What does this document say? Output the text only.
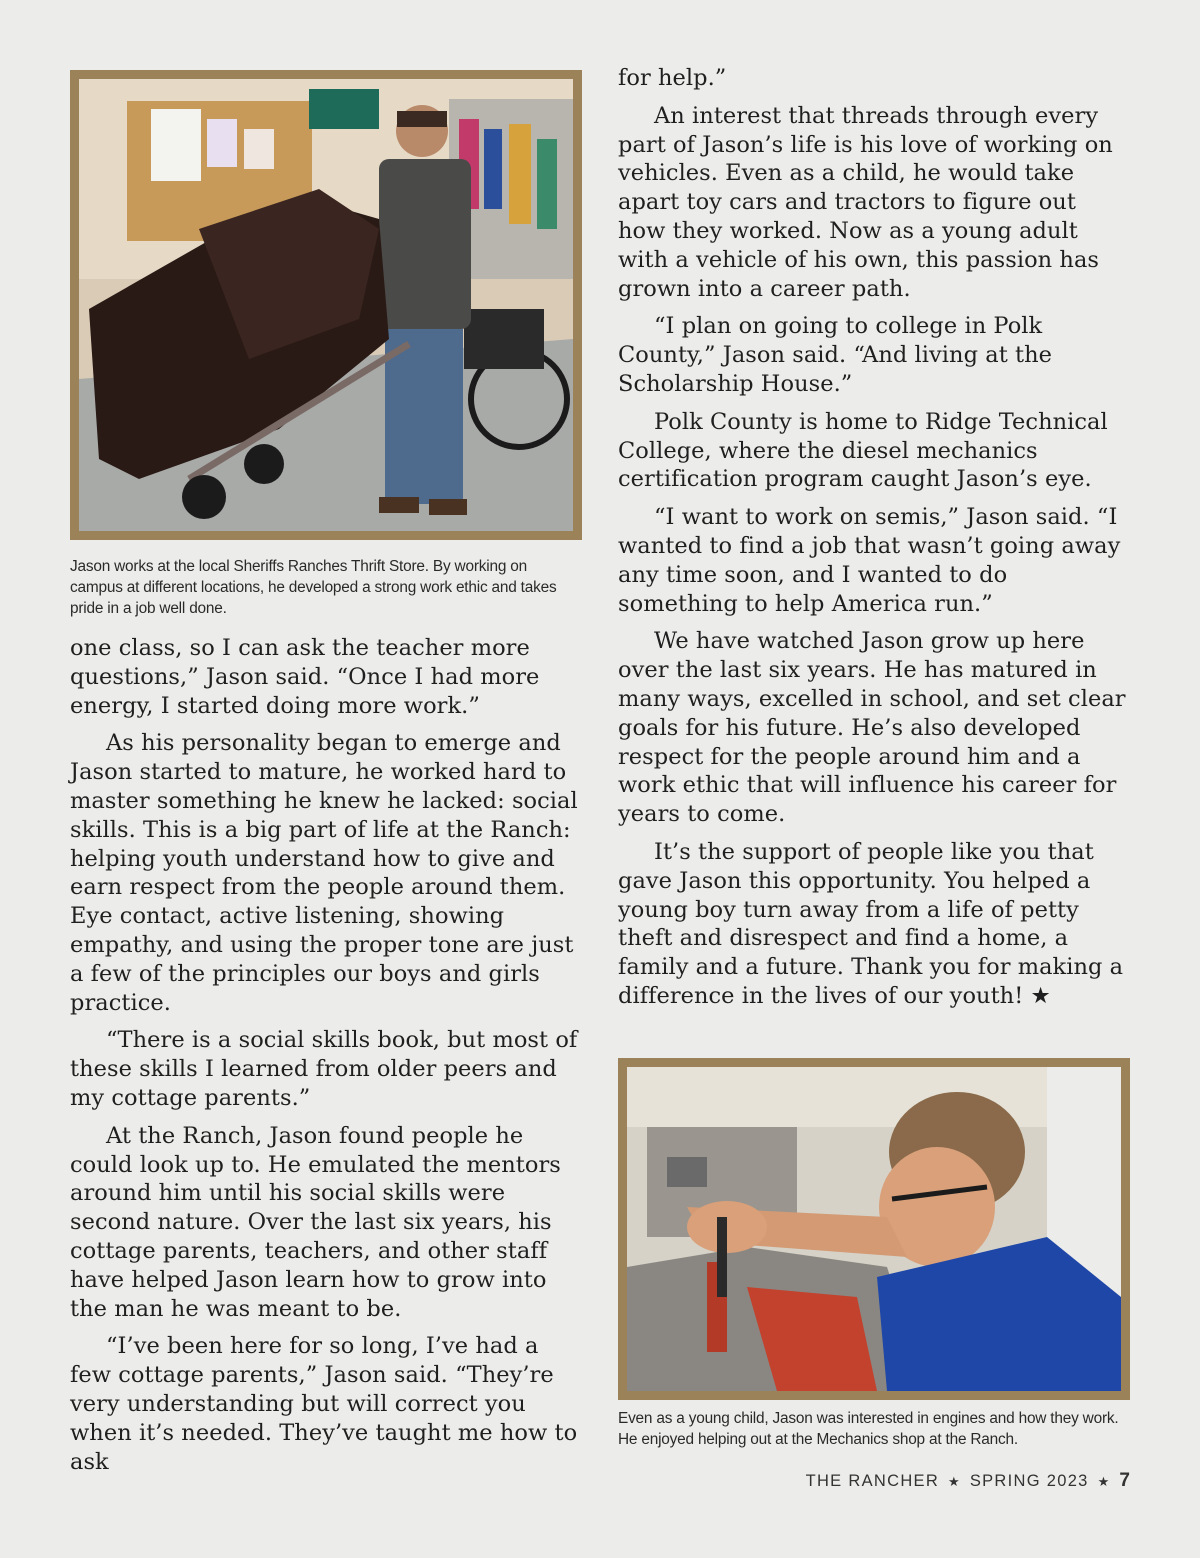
Jason works at the local Sheriffs Ranches Thrift Store. By working on campus at different locations, he developed a strong work ethic and takes pride in a job well done.

one class, so I can ask the teacher more questions,” Jason said. “Once I had more energy, I started doing more work.”

As his personality began to emerge and Jason started to mature, he worked hard to master something he knew he lacked: social skills. This is a big part of life at the Ranch: helping youth understand how to give and earn respect from the people around them. Eye contact, active listening, showing empathy, and using the proper tone are just a few of the principles our boys and girls practice.

“There is a social skills book, but most of these skills I learned from older peers and my cottage parents.”

At the Ranch, Jason found people he could look up to. He emulated the mentors around him until his social skills were second nature. Over the last six years, his cottage parents, teachers, and other staff have helped Jason learn how to grow into the man he was meant to be.

“I’ve been here for so long, I’ve had a few cottage parents,” Jason said. “They’re very understanding but will correct you when it’s needed. They’ve taught me how to ask

for help.”

An interest that threads through every part of Jason’s life is his love of working on vehicles. Even as a child, he would take apart toy cars and tractors to figure out how they worked. Now as a young adult with a vehicle of his own, this passion has grown into a career path.

“I plan on going to college in Polk County,” Jason said. “And living at the Scholarship House.”

Polk County is home to Ridge Technical College, where the diesel mechanics certification program caught Jason’s eye.

“I want to work on semis,” Jason said. “I wanted to find a job that wasn’t going away any time soon, and I wanted to do something to help America run.”

We have watched Jason grow up here over the last six years. He has matured in many ways, excelled in school, and set clear goals for his future. He’s also developed respect for the people around him and a work ethic that will influence his career for years to come.

It’s the support of people like you that gave Jason this opportunity. You helped a young boy turn away from a life of petty theft and disrespect and find a home, a family and a future. Thank you for making a difference in the lives of our youth! ★

Even as a young child, Jason was interested in engines and how they work. He enjoyed helping out at the Mechanics shop at the Ranch.
THE RANCHER ★ SPRING 2023 ★ 7
